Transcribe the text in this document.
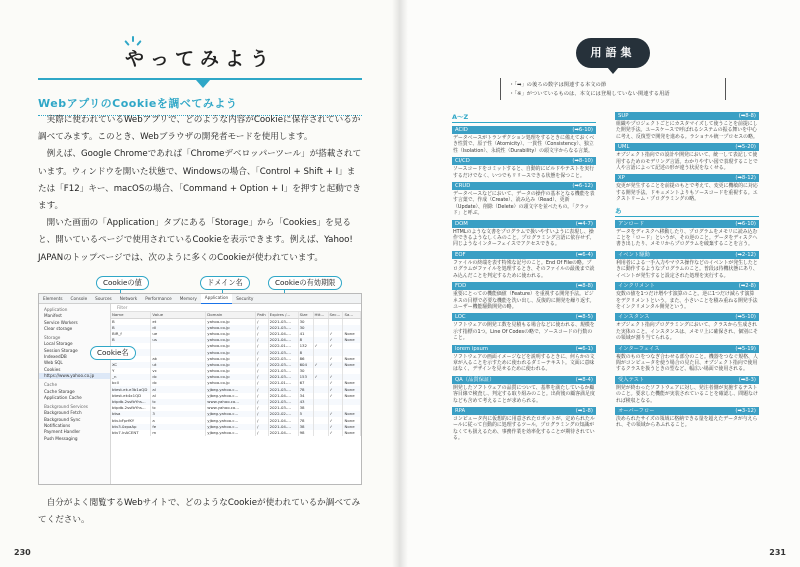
やってみよう
WebアプリのCookieを調べてみよう

実際に使われているWebアプリで、どのような内容がCookieに保存されているか調べてみます。このとき、Webブラウザの開発者モードを使用します。

例えば、Google Chromeであれば「Chromeデベロッパーツール」が搭載されています。ウィンドウを開いた状態で、Windowsの場合、「Control + Shift + I」または「F12」キー、macOSの場合、「Command + Option + I」を押すと起動できます。

開いた画面の「Application」タブにある「Storage」から「Cookies」を見ると、開いているページで使用されているCookieを表示できます。例えば、Yahoo! JAPANのトップページでは、次のように多くのCookieが使われています。

Cookieの値	ドメイン名	Cookieの有効期限
Elements	Console	Sources	Network	Performance	Memory	Application	Security
Application
Manifest
Service Workers
Clear storage
Storage
Local Storage
Session Storage
IndexedDB
Web SQL
Cookies
https://www.yahoo.co.jp
Cache
Cache Storage
Application Cache
Background Services
Background Fetch
Background Sync
Notifications
Payment Handler
Push Messaging
Filter
Name	Value	Domain	Path	Expires /...	Size	Htt...	Sec...	Sa...
B	et	yahoo.co.jp	/	2021-03-...	30			
B	dl	yahoo.co.jp	/	2021-03-...	30			
BiR_f	ue	yahoo.co.jp	/	2021-04-...	41		✓	None
B	us	yahoo.co.jp	/	2021-04-...	8		✓	None
		yahoo.co.jp	/	2022-01-...	132	✓	✓	
		yahoo.co.jp	/	2021-03-...	8			
	ak	yahoo.co.jp	/	2022-03-...	86		✓	None
XC	ut	yahoo.co.jp	/	2022-03-...	604	✓	✓	None
Y	vc	yahoo.co.jp	/	2021-03-...	30			
_n	dc	yahoo.co.jp	/	2021-03-...	153	✓	✓	
bcll	dc	yahoo.co.jp	/	2021-01-...	67		✓	None
btest.ek.e3b1aQD	al	yjbeg.yahoo.c...	/	2021-03-...	78		✓	None
btest.ek4x1QD	al	yjbeg.yahoo.c...	/	2021-04-...	34		✓	None
btpdb.2ssfbYhs...	tc	www.yahoo.co...	/	2021-03-...	43			
btpdb.2ssfbYhs...	tc	www.yahoo.co...	/	2021-03-...	38			
btsa	3	yjbeg.yahoo.c...	/	2022-02-...	5		✓	None
btv.bFprfKY	a	yjbeg.yahoo.c...	/	2021-04-...	78		✓	None
btv3.0zpaAp	fe	yjbeg.yahoo.c...	/	2021-04-...	38		✓	None
btv7.lnACENT	m	yjbeg.yahoo.c...	/	2021-04-...	98		✓	None
Cookie名

自分がよく閲覧するWebサイトで、どのようなCookieが使われているか調べてみてください。

230
用語集
・「➡」の後ろの数字は関連する本文の節
・「※」がついているものは、本文には登場していない関連する用語
A～Z
ACID	(➡6-10)
データベースがトランザクション処理をするときに備えておくべき性質で、原子性（Atomicity）、一貫性（Consistency）、独立性（Isolation）、永続性（Durability）の頭文字からなる言葉。
CI/CD	(➡8-10)
ソースコードをコミットすると、自動的にビルドやテストを実行するだけでなく、いつでもリリースできる状態を保つこと。
CRUD	(➡6-12)
データベースなどにおいて、データの操作の基本となる機能を表す言葉で、作成（Create）、読み込み（Read）、更新（Update）、削除（Delete）の頭文字を並べたもの。「クラッド」と呼ぶ。
DOM	(➡4-7)
HTMLのような文書をプログラムで扱いやすいように表現し、操作できるようなしくみのこと。プログラミング言語に依存せず、同じようなインターフェイスでアクセスできる。
EOF	(➡6-4)
ファイルの終端を表す特殊な記号のこと。End Of Fileの略。プログラムがファイルを処理するとき、そのファイルの最後まで読み込んだことを判定するために使われる。
FDD	(➡8-8)
重要にとっての機能価値（Feature）を重視する開発手法。ビジネスの目標で必要な機能を洗い出し、反復的に開発を繰り返す。ユーザー機能駆動開発の略。
LOC	(➡8-5)
ソフトウェアの開発工数を見積もる場合などに使われる、規模を示す指標の1つ。Line Of Codesの略で、ソースコードの行数のこと。
lorem ipsum	(➡6-1)
ソフトウェアの画面イメージなどを説明するときに、何らかの文章が入ることを示すために使われるダミーテキスト。文面に意味はなく、デザインを見せるために使われる。
QA（品質保証）	(➡8-4)
開発したソフトウェアの品質について、基準を満たしているか顧客目線で検査し、判定する取り組みのこと。出荷後の顧客満足度なども含めて考えることが求められる。
RPA	(➡1-8)
コンピュータ内に仮想的に用意されたロボットが、定められたルールに従って自動的に処理するツール。プログラミングの知識がなくても扱えるため、事務作業を効率化することが期待されている。
SUP	(➡8-8)
組織やプロジェクトごとにカスタマイズして使うことを前提にした開発手法。ユースケースで呼ばれるシステムの振る舞いを中心に考え、反復型で開発を進める。ラショナル統一プロセスの略。
UML	(➡5-20)
オブジェクト指向での設計や開発において、統一して表記して使用するためのモデリング言語。わかりやすい図で表現することで人や言語によって記述の形が違う状況をなくせる。
XP	(➡8-12)
変更が発生することを前提のもとで考えて、変更に機敏的に対応する開発手法。ドキュメントよりもソースコードを重視する。エクストリーム・プログラミングの略。
あ
アンロード	(➡6-10)
データをディスクへ移動したり、プログラムをメモリに読み込むことを「ロード」というが、その逆のこと。データをディスクへ書き出したり、メモリからプログラムを破棄することを言う。
イベント駆動	(➡2-12)
利用者による一手入力やマウス操作などのイベントが発生したときに動作するようなプログラムのこと。普段は待機状態にあり、イベントが発生すると設定された処理を実行する。
インクリメント	(➡2-8)
変数の値を1つだけ増やす演算のこと。逆に1つだけ減らす演算をデクリメントという。また、小さいことを積み重ねる開発手法をインクリメンタル開発という。
インスタンス	(➡5-10)
オブジェクト指向プログラミングにおいて、クラスから生成された実体のこと。インスタンスは、メモリ上に確保され、個別にその領域が割り当てられる。
インターフェイス	(➡5-19)
複数のものをつなぎ合わせる部分のこと。機器をつなぐ規格、人間がコンピュータを使う場合の見た目、オブジェクト指向で使用するクラスを扱うときの型など、幅広い場面で使用される。
受入テスト	(➡8-3)
開発が終わったソフトウェアに対し、発注者側が実施するテストのこと。要求した機能が実装されていることを確認し、問題なければ検収となる。
オーバーフロー	(➡3-12)
決められたサイズの領域に格納できる量を超えたデータが与えられ、その領域からあふれること。
231
